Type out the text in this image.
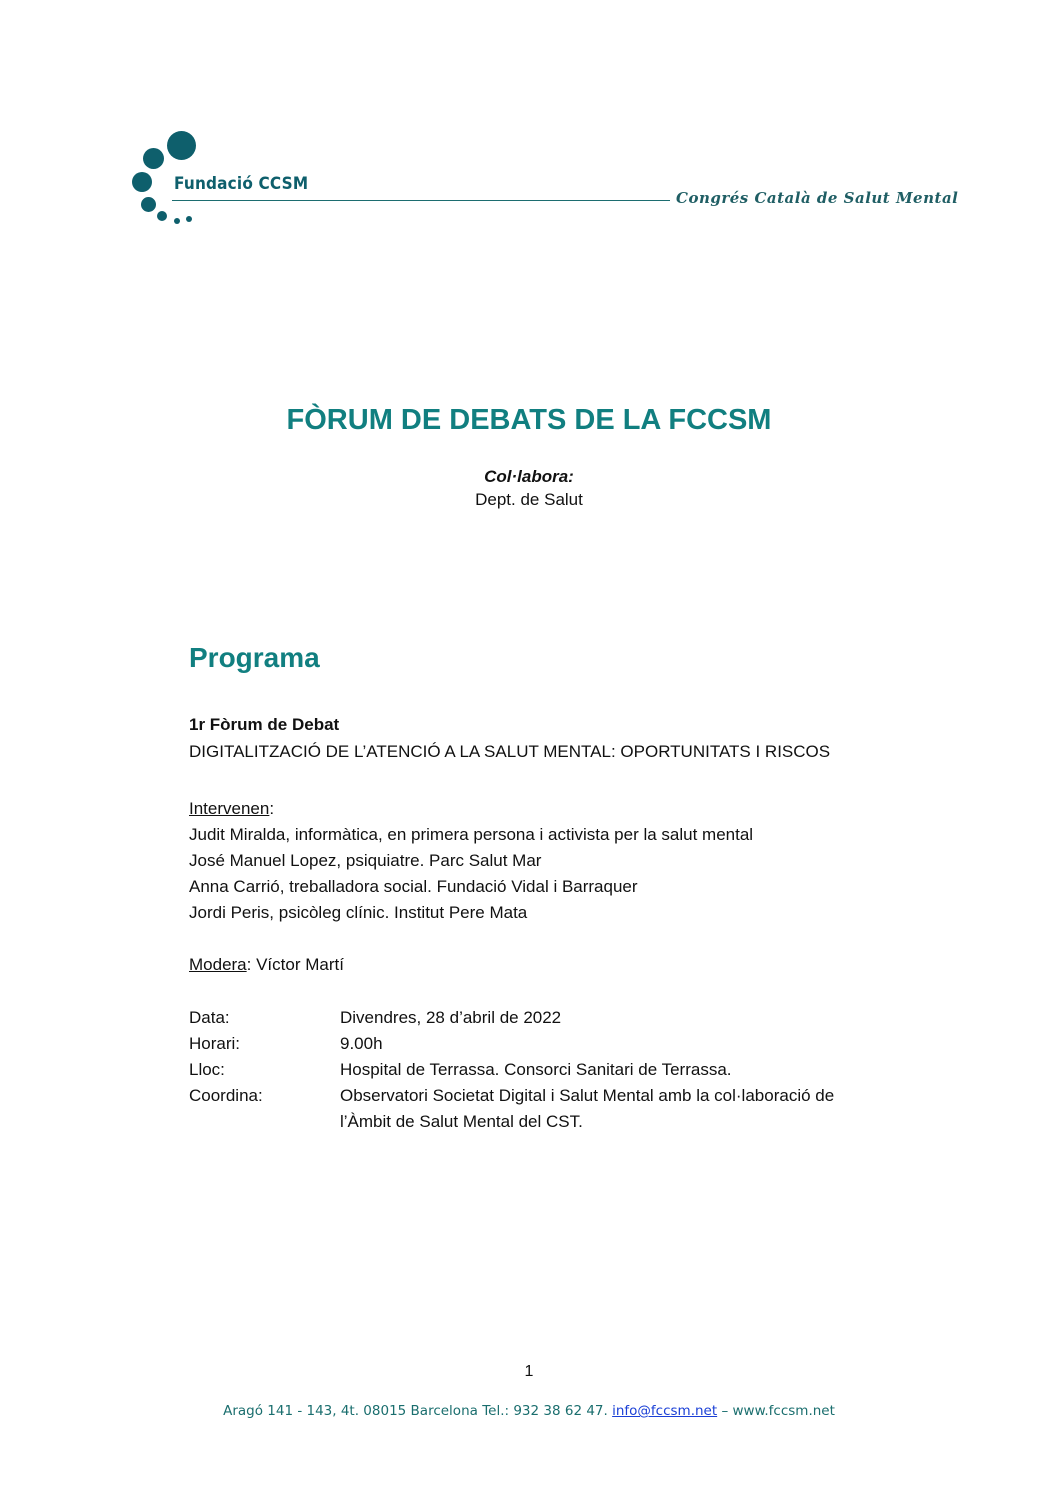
Fundació CCSM
Congrés Català de Salut Mental
FÒRUM DE DEBATS DE LA FCCSM
Col·labora:
Dept. de Salut
Programa
1r Fòrum de Debat
DIGITALITZACIÓ DE L’ATENCIÓ A LA SALUT MENTAL: OPORTUNITATS I RISCOS
Intervenen:
Judit Miralda, informàtica, en primera persona i activista per la salut mental
José Manuel Lopez, psiquiatre. Parc Salut Mar
Anna Carrió, treballadora social. Fundació Vidal i Barraquer
Jordi Peris, psicòleg clínic. Institut Pere Mata
Modera: Víctor Martí
Data:	Divendres, 28 d’abril de 2022
Horari:	9.00h
Lloc:	Hospital de Terrassa. Consorci Sanitari de Terrassa.
Coordina:	Observatori Societat Digital i Salut Mental amb la col·laboració de
l’Àmbit de Salut Mental del CST.
1
Aragó 141 - 143, 4t. 08015 Barcelona Tel.: 932 38 62 47. info@fccsm.net – www.fccsm.net
